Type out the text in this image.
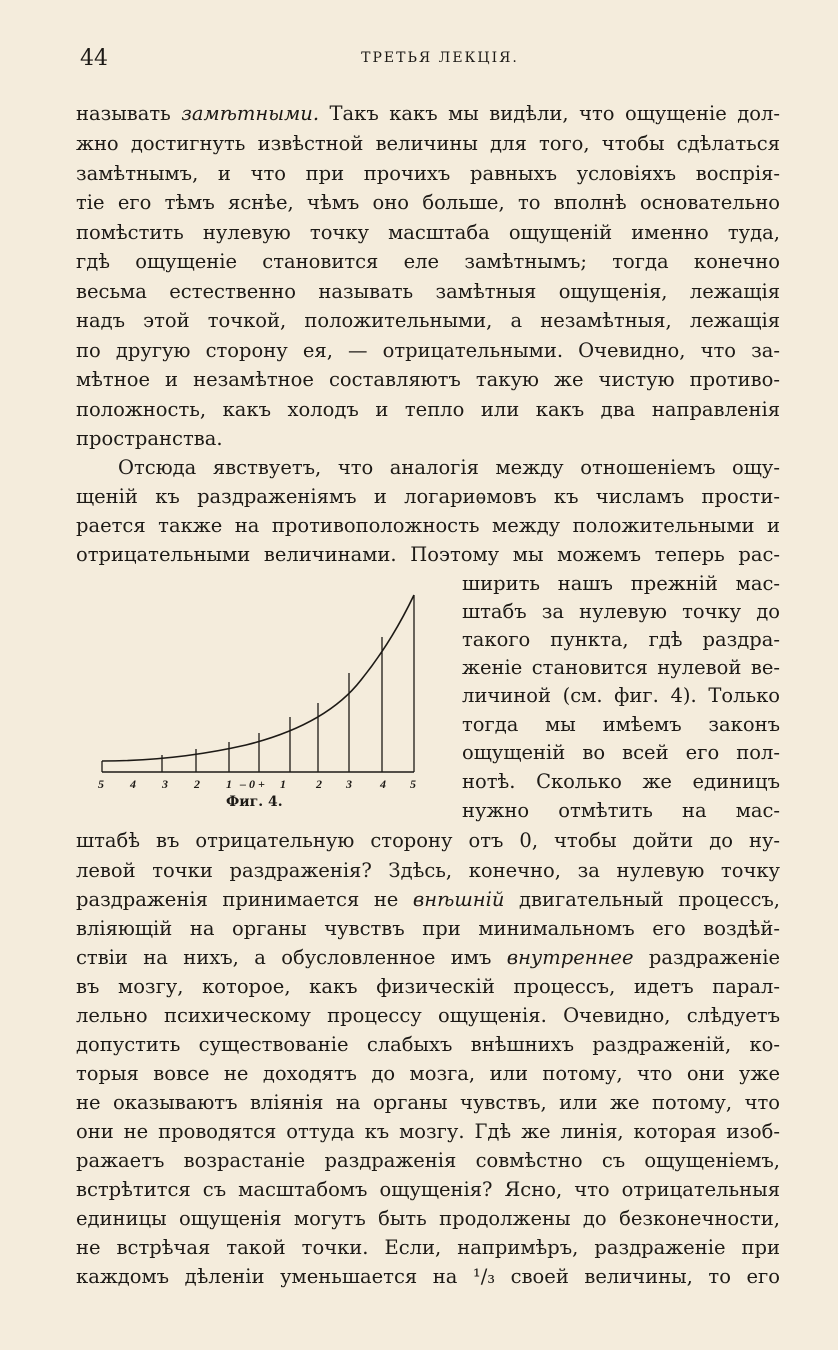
44	ТРЕТЬЯ ЛЕКЦІЯ.
называть замѣтными. Такъ какъ мы видѣли, что ощущеніе дол-
жно достигнуть извѣстной величины для того, чтобы сдѣлаться
замѣтнымъ, и что при прочихъ равныхъ условіяхъ воспрія-
тіе его тѣмъ яснѣе, чѣмъ оно больше, то вполнѣ основательно
помѣстить нулевую точку масштаба ощущеній именно туда,
гдѣ ощущеніе становится еле замѣтнымъ; тогда конечно
весьма естественно называть замѣтныя ощущенія, лежащія
надъ этой точкой, положительными, а незамѣтныя, лежащія
по другую сторону ея, — отрицательными. Очевидно, что за-
мѣтное и незамѣтное составляютъ такую же чистую противо-
положность, какъ холодъ и тепло или какъ два направленія
пространства.
Отсюда явствуетъ, что аналогія между отношеніемъ ощу-
щеній къ раздраженіямъ и логариѳмовъ къ числамъ прости-
рается также на противоположность между положительными и
отрицательными величинами. Поэтому мы можемъ теперь рас-
ширить нашъ прежній мас-
штабъ за нулевую точку до
такого пункта, гдѣ раздра-
женіе становится нулевой ве-
личиной (см. фиг. 4). Только
тогда мы имѣемъ законъ
ощущеній во всей его пол-
нотѣ. Сколько же единицъ
нужно отмѣтить на мас-
штабѣ въ отрицательную сторону отъ 0, чтобы дойти до ну-
левой точки раздраженія? Здѣсь, конечно, за нулевую точку
раздраженія принимается не внѣшній двигательный процессъ,
вліяющій на органы чувствъ при минимальномъ его воздѣй-
ствіи на нихъ, а обусловленное имъ внутреннее раздраженіе
въ мозгу, которое, какъ физическій процессъ, идетъ парал-
лельно психическому процессу ощущенія. Очевидно, слѣдуетъ
допустить существованіе слабыхъ внѣшнихъ раздраженій, ко-
торыя вовсе не доходятъ до мозга, или потому, что они уже
не оказываютъ вліянія на органы чувствъ, или же потому, что
они не проводятся оттуда къ мозгу. Гдѣ же линія, которая изоб-
ражаетъ возрастаніе раздраженія совмѣстно съ ощущеніемъ,
встрѣтится съ масштабомъ ощущенія? Ясно, что отрицательныя
единицы ощущенія могутъ быть продолжены до безконечности,
не встрѣчая такой точки. Если, напримѣръ, раздраженіе при
каждомъ дѣленіи уменьшается на ¹/₃ своей величины, то его
5 4 3 2 1 – 0 + 1	2 3 4 5
Фиг. 4.
